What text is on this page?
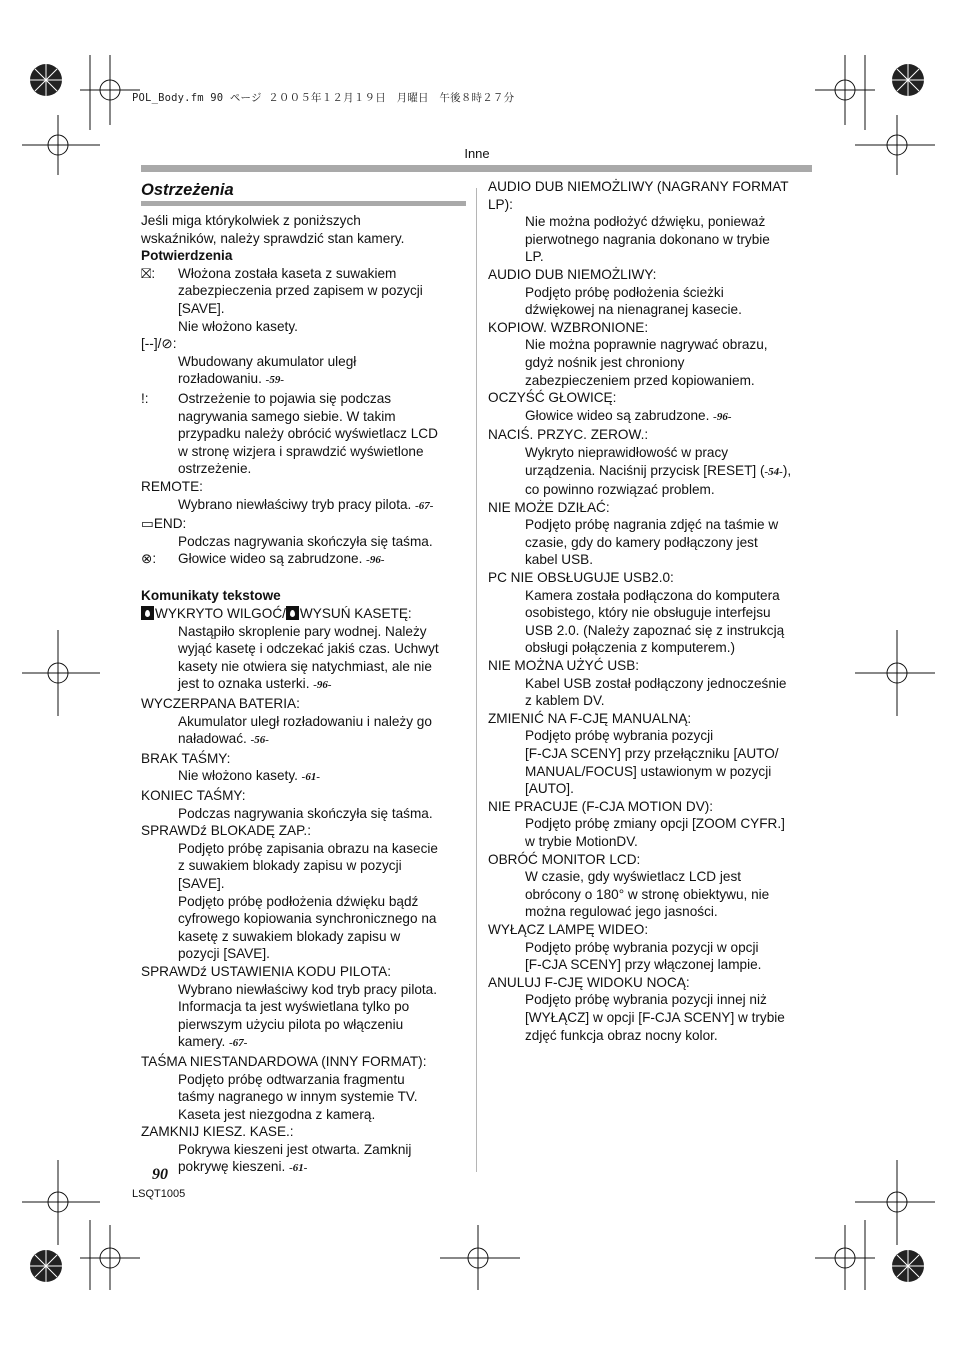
POL_Body.fm 90 ページ ２００５年１２月１９日　月曜日　午後８時２７分
Inne
Ostrzeżenia
Jeśli miga którykolwiek z poniższych
wskaźników, należy sprawdzić stan kamery.
Potwierdzenia
⛝:	Włożona została kaseta z suwakiem
zabezpieczenia przed zapisem w pozycji
[SAVE].
Nie włożono kasety.
[--]/⊘:
Wbudowany akumulator uległ
rozładowaniu. -59-
!:	Ostrzeżenie to pojawia się podczas
nagrywania samego siebie. W takim
przypadku należy obrócić wyświetlacz LCD
w stronę wizjera i sprawdzić wyświetlone
ostrzeżenie.
REMOTE:
Wybrano niewłaściwy tryb pracy pilota. -67-
▭END:
Podczas nagrywania skończyła się taśma.
⊗:	Głowice wideo są zabrudzone. -96-
Komunikaty tekstowe
WYKRYTO WILGOĆ/ WYSUŃ KASETĘ:
Nastąpiło skroplenie pary wodnej. Należy
wyjąć kasetę i odczekać jakiś czas. Uchwyt
kasety nie otwiera się natychmiast, ale nie
jest to oznaka usterki. -96-
WYCZERPANA BATERIA:
Akumulator uległ rozładowaniu i należy go
naładować. -56-
BRAK TAŚMY:
Nie włożono kasety. -61-
KONIEC TAŚMY:
Podczas nagrywania skończyła się taśma.
SPRAWDź BLOKADĘ ZAP.:
Podjęto próbę zapisania obrazu na kasecie
z suwakiem blokady zapisu w pozycji
[SAVE].
Podjęto próbę podłożenia dźwięku bądź
cyfrowego kopiowania synchronicznego na
kasetę z suwakiem blokady zapisu w
pozycji [SAVE].
SPRAWDź USTAWIENIA KODU PILOTA:
Wybrano niewłaściwy kod tryb pracy pilota.
Informacja ta jest wyświetlana tylko po
pierwszym użyciu pilota po włączeniu
kamery. -67-
TAŚMA NIESTANDARDOWA (INNY FORMAT):
Podjęto próbę odtwarzania fragmentu
taśmy nagranego w innym systemie TV.
Kaseta jest niezgodna z kamerą.
ZAMKNIJ KIESZ. KASE.:
Pokrywa kieszeni jest otwarta. Zamknij
pokrywę kieszeni. -61-
AUDIO DUB NIEMOŻLIWY (NAGRANY FORMAT
LP):
Nie można podłożyć dźwięku, ponieważ
pierwotnego nagrania dokonano w trybie
LP.
AUDIO DUB NIEMOŻLIWY:
Podjęto próbę podłożenia ścieżki
dźwiękowej na nienagranej kasecie.
KOPIOW. WZBRONIONE:
Nie można poprawnie nagrywać obrazu,
gdyż nośnik jest chroniony
zabezpieczeniem przed kopiowaniem.
OCZYŚĆ GŁOWICĘ:
Głowice wideo są zabrudzone. -96-
NACIŚ. PRZYC. ZEROW.:
Wykryto nieprawidłowość w pracy
urządzenia. Naciśnij przycisk [RESET] (-54-),
co powinno rozwiązać problem.
NIE MOŻE DZIŁAĆ:
Podjęto próbę nagrania zdjęć na taśmie w
czasie, gdy do kamery podłączony jest
kabel USB.
PC NIE OBSŁUGUJE USB2.0:
Kamera została podłączona do komputera
osobistego, który nie obsługuje interfejsu
USB 2.0. (Należy zapoznać się z instrukcją
obsługi połączenia z komputerem.)
NIE MOŻNA UŻYĆ USB:
Kabel USB został podłączony jednocześnie
z kablem DV.
ZMIENIĆ NA F-CJĘ MANUALNĄ:
Podjęto próbę wybrania pozycji
[F-CJA SCENY] przy przełączniku [AUTO/
MANUAL/FOCUS] ustawionym w pozycji
[AUTO].
NIE PRACUJE (F-CJA MOTION DV):
Podjęto próbę zmiany opcji [ZOOM CYFR.]
w trybie MotionDV.
OBRÓĆ MONITOR LCD:
W czasie, gdy wyświetlacz LCD jest
obrócony o 180° w stronę obiektywu, nie
można regulować jego jasności.
WYŁĄCZ LAMPĘ WIDEO:
Podjęto próbę wybrania pozycji w opcji
[F-CJA SCENY] przy włączonej lampie.
ANULUJ F-CJĘ WIDOKU NOCĄ:
Podjęto próbę wybrania pozycji innej niż
[WYŁĄCZ] w opcji [F-CJA SCENY] w trybie
zdjęć funkcja obraz nocny kolor.
90
LSQT1005
